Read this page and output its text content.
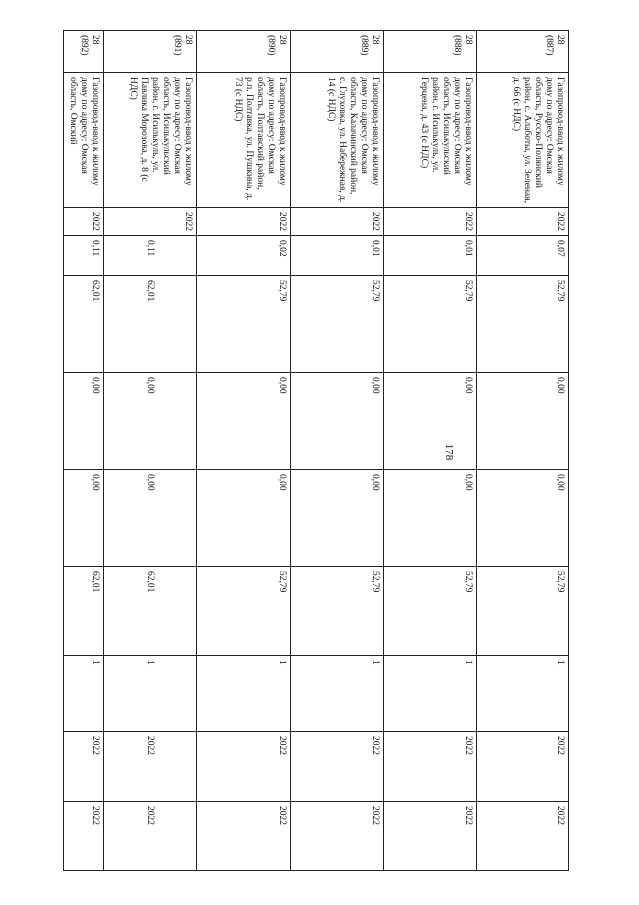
178
28
(887)	Газопровод-ввод к жилому дому по адресу: Омская область, Русско-Полянский район, с. Алаботы, ул. Зеленая, д. 66 (с НДС)	2022	0,07	52,79	0,00	0,00	52,79	1	2022	2022
28
(888)	Газопровод-ввод к жилому дому по адресу: Омская область, Исилькульский район, г. Исилькуль, ул. Герцена, д. 43 (с НДС)	2022	0,01	52,79	0,00	0,00	52,79	1	2022	2022
28
(889)	Газопровод-ввод к жилому дому по адресу: Омская область, Калачинский район, с. Глуховка, ул. Набережная, д. 14 (с НДС)	2022	0,01	52,79	0,00	0,00	52,79	1	2022	2022
28
(890)	Газопровод-ввод к жилому дому по адресу: Омская область, Полтавский район, р.п. Полтавка, ул. Пушкина, д. 73 (с НДС)	2022	0,02	52,79	0,00	0,00	52,79	1	2022	2022
28
(891)	Газопровод-ввод к жилому дому по адресу: Омская область, Исилькульский район, г. Исилькуль, ул. Павлика Морозова, д. 8 (с НДС)	2022	0,11	62,01	0,00	0,00	62,01	1	2022	2022
28
(892)	Газопровод-ввод к жилому дому по адресу: Омская область, Омский	2022	0,11	62,01	0,00	0,00	62,01	1	2022	2022
